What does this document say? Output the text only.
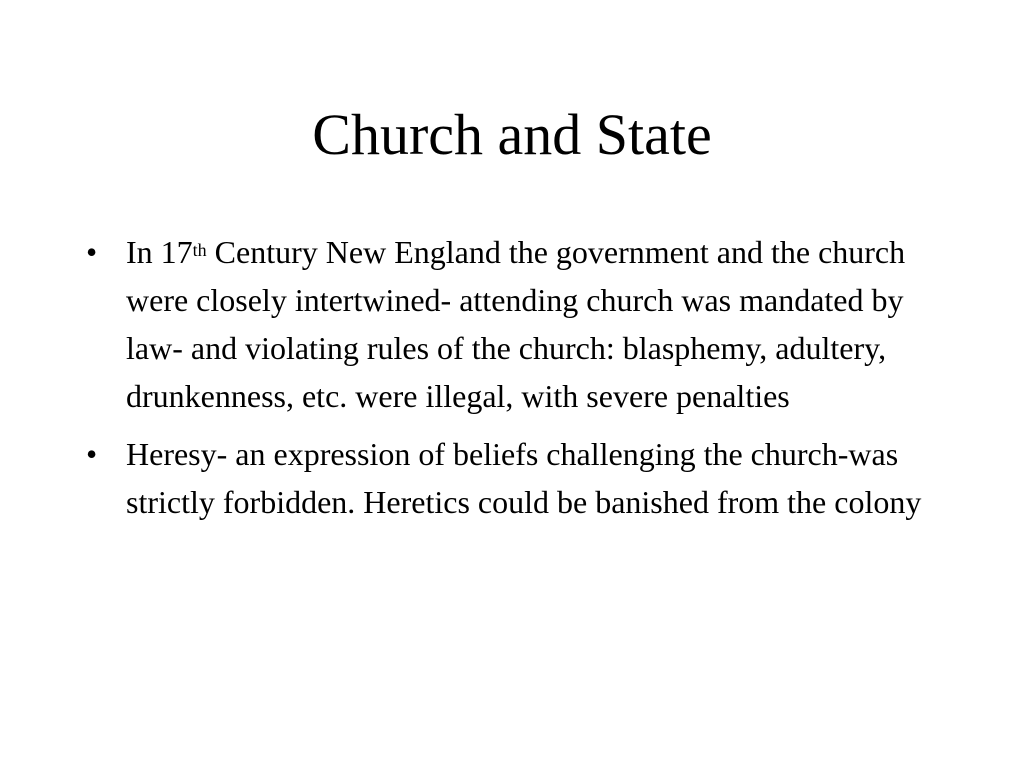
Church and State
• In 17th Century New England the government and the church were closely intertwined- attending church was mandated by law- and violating rules of the church: blasphemy, adultery, drunkenness, etc. were illegal, with severe penalties
• Heresy- an expression of beliefs challenging the church-was strictly forbidden. Heretics could be banished from the colony
